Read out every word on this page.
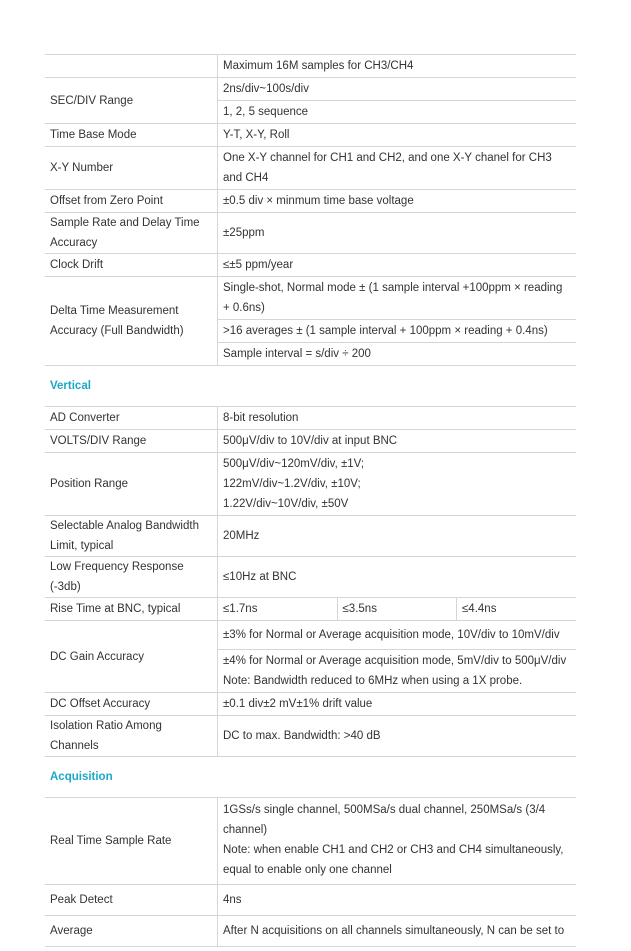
	Maximum 16M samples for CH3/CH4		
SEC/DIV Range	2ns/div~100s/div		
	1, 2, 5 sequence		
Time Base Mode	Y-T, X-Y, Roll		
X-Y Number	One X-Y channel for CH1 and CH2, and one X-Y chanel for CH3 and CH4		
Offset from Zero Point	±0.5 div × minmum time base voltage		
Sample Rate and Delay Time Accuracy	±25ppm		
Clock Drift	≤±5 ppm/year		
Delta Time Measurement Accuracy (Full Bandwidth)	Single-shot, Normal mode ± (1 sample interval +100ppm × reading + 0.6ns)		
	>16 averages ± (1 sample interval + 100ppm × reading + 0.4ns)		
	Sample interval = s/div ÷ 200		
Vertical			
AD Converter	8-bit resolution		
VOLTS/DIV Range	500μV/div to 10V/div at input BNC		
Position Range	500μV/div~120mV/div, ±1V;
122mV/div~1.2V/div, ±10V;
1.22V/div~10V/div, ±50V		

Selectable Analog Bandwidth Limit, typical	20MHz		
Low Frequency Response (-3db)	≤10Hz at BNC		
Rise Time at BNC, typical	≤1.7ns	≤3.5ns	≤4.4ns
DC Gain Accuracy	±3% for Normal or Average acquisition mode, 10V/div to 10mV/div		

	±4% for Normal or Average acquisition mode, 5mV/div to 500μV/div
Note: Bandwidth reduced to 6MHz when using a 1X probe.		

DC Offset Accuracy	±0.1 div±2 mV±1% drift value		
Isolation Ratio Among Channels	DC to max. Bandwidth: >40 dB		
Acquisition			
Real Time Sample Rate	1GSs/s single channel, 500MSa/s dual channel, 250MSa/s (3/4 channel)
Note: when enable CH1 and CH2 or CH3 and CH4 simultaneously, equal to enable only one channel		

Peak Detect	4ns		
Average	After N acquisitions on all channels simultaneously, N can be set to		
